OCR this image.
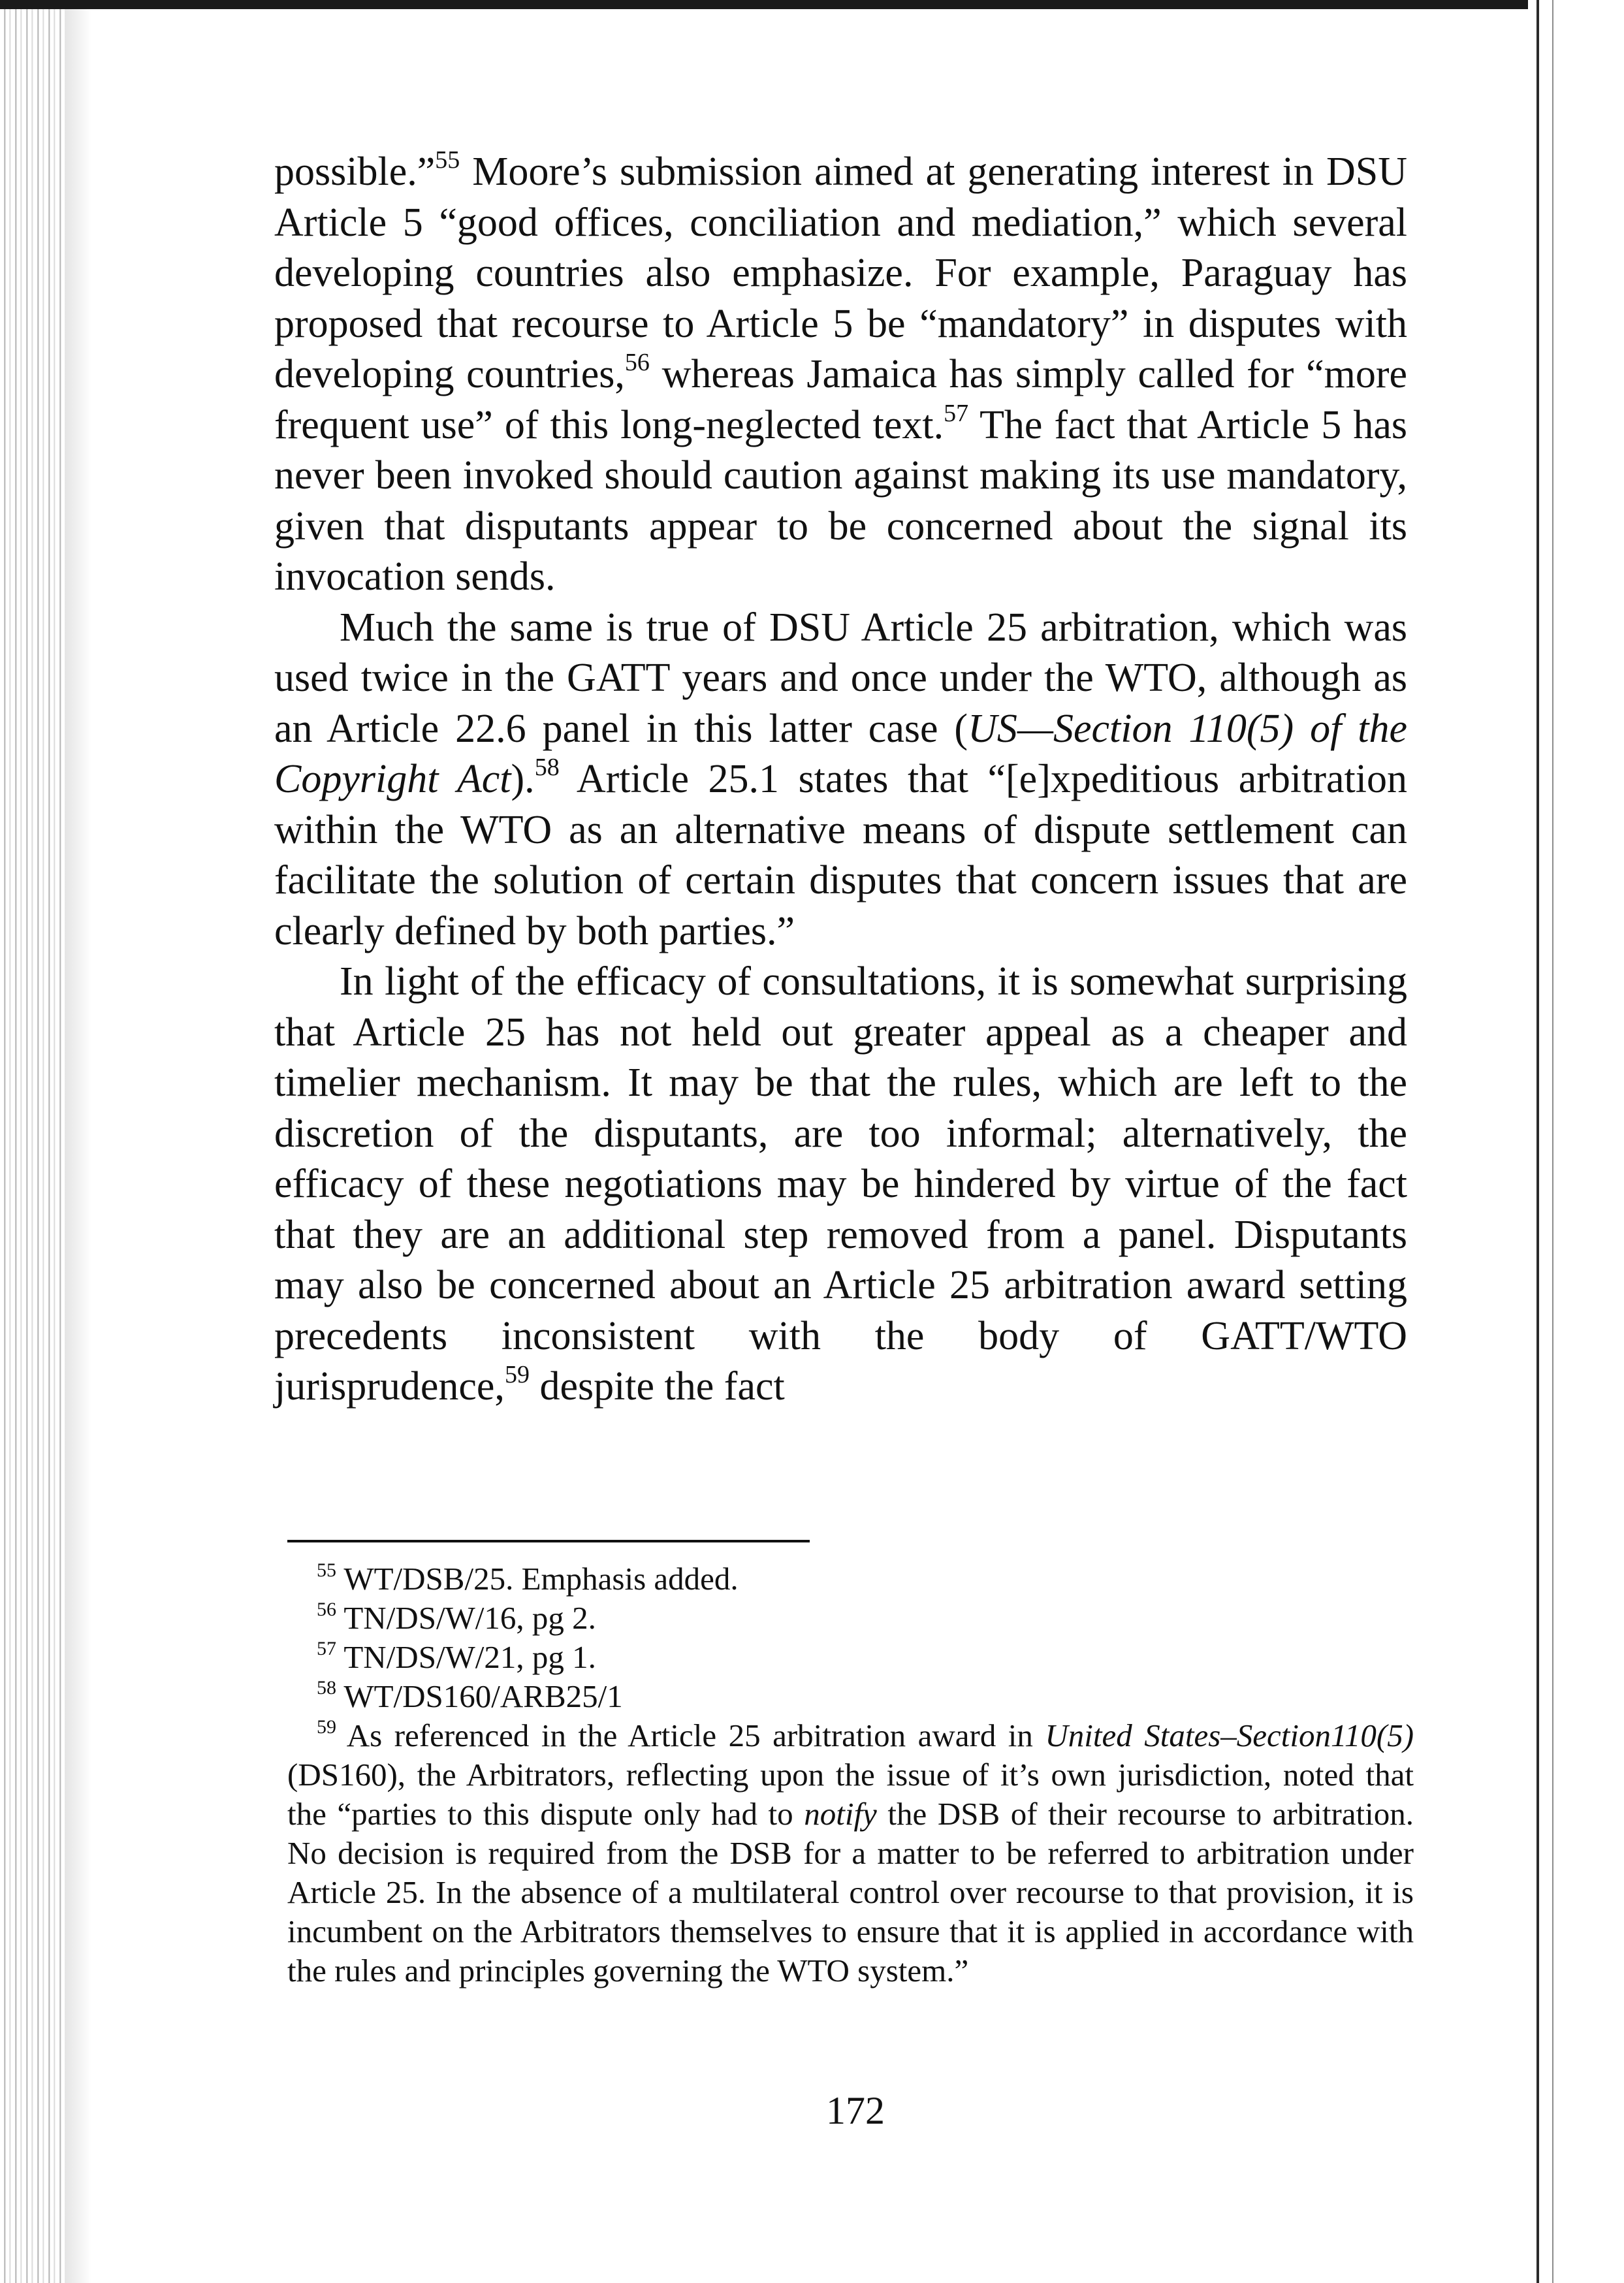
possible.”$^{55}$ Moore’s submission aimed at generating interest in DSU Article 5 “good offices, conciliation and mediation,” which several developing countries also emphasize. For example, Paraguay has proposed that recourse to Article 5 be “mandatory” in disputes with developing countries,$^{56}$ whereas Jamaica has simply called for “more frequent use” of this long-neglected text.$^{57}$ The fact that Article 5 has never been invoked should caution against making its use mandatory, given that disputants appear to be concerned about the signal its invocation sends.

Much the same is true of DSU Article 25 arbitration, which was used twice in the GATT years and once under the WTO, although as an Article 22.6 panel in this latter case (US—Section 110(5) of the Copyright Act).$^{58}$ Article 25.1 states that “[e]xpeditious arbitration within the WTO as an alternative means of dispute settlement can facilitate the solution of certain disputes that concern issues that are clearly defined by both parties.”

In light of the efficacy of consultations, it is somewhat surprising that Article 25 has not held out greater appeal as a cheaper and timelier mechanism. It may be that the rules, which are left to the discretion of the disputants, are too informal; alternatively, the efficacy of these negotiations may be hindered by virtue of the fact that they are an additional step removed from a panel. Disputants may also be concerned about an Article 25 arbitration award setting precedents inconsistent with the body of GATT/WTO jurisprudence,$^{59}$ despite the fact

$^{55}$ WT/DSB/25. Emphasis added.

$^{56}$ TN/DS/W/16, pg 2.

$^{57}$ TN/DS/W/21, pg 1.

$^{58}$ WT/DS160/ARB25/1

$^{59}$ As referenced in the Article 25 arbitration award in United States–Section110(5) (DS160), the Arbitrators, reflecting upon the issue of it’s own jurisdiction, noted that the “parties to this dispute only had to notify the DSB of their recourse to arbitration. No decision is required from the DSB for a matter to be referred to arbitration under Article 25. In the absence of a multilateral control over recourse to that provision, it is incumbent on the Arbitrators themselves to ensure that it is applied in accordance with the rules and principles governing the WTO system.”

172
